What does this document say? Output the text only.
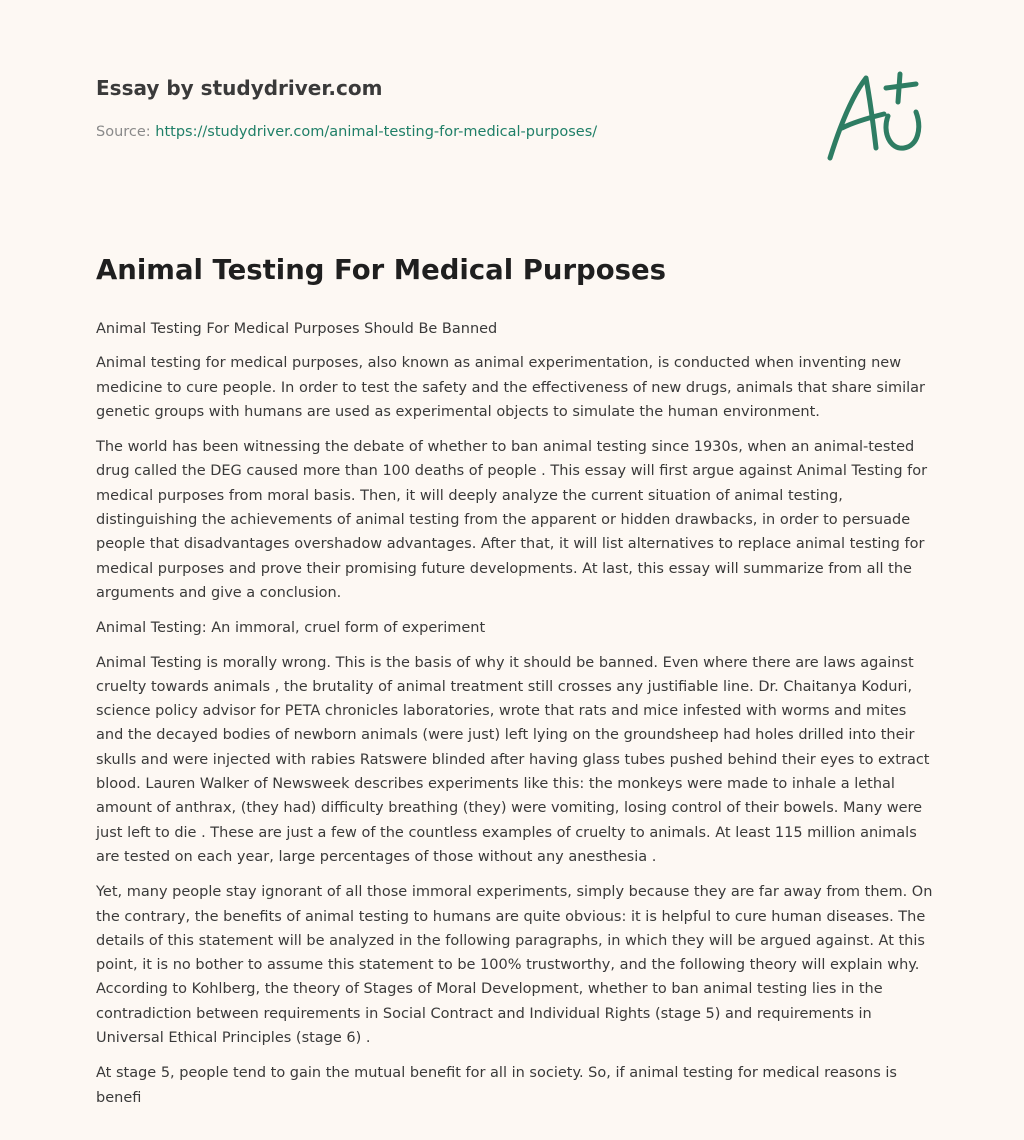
Essay by studydriver.com
Source: https://studydriver.com/animal-testing-for-medical-purposes/
Animal Testing For Medical Purposes

Animal Testing For Medical Purposes Should Be Banned

Animal testing for medical purposes, also known as animal experimentation, is conducted when inventing new medicine to cure people. In order to test the safety and the effectiveness of new drugs, animals that share similar genetic groups with humans are used as experimental objects to simulate the human environment.

The world has been witnessing the debate of whether to ban animal testing since 1930s, when an animal-tested drug called the DEG caused more than 100 deaths of people . This essay will first argue against Animal Testing for medical purposes from moral basis. Then, it will deeply analyze the current situation of animal testing, distinguishing the achievements of animal testing from the apparent or hidden drawbacks, in order to persuade people that disadvantages overshadow advantages. After that, it will list alternatives to replace animal testing for medical purposes and prove their promising future developments. At last, this essay will summarize from all the arguments and give a conclusion.

Animal Testing: An immoral, cruel form of experiment

Animal Testing is morally wrong. This is the basis of why it should be banned. Even where there are laws against cruelty towards animals , the brutality of animal treatment still crosses any justifiable line. Dr. Chaitanya Koduri, science policy advisor for PETA chronicles laboratories, wrote that rats and mice infested with worms and mites and the decayed bodies of newborn animals (were just) left lying on the groundsheep had holes drilled into their skulls and were injected with rabies Ratswere blinded after having glass tubes pushed behind their eyes to extract blood. Lauren Walker of Newsweek describes experiments like this: the monkeys were made to inhale a lethal amount of anthrax, (they had) difficulty breathing (they) were vomiting, losing control of their bowels. Many were just left to die . These are just a few of the countless examples of cruelty to animals. At least 115 million animals are tested on each year, large percentages of those without any anesthesia .

Yet, many people stay ignorant of all those immoral experiments, simply because they are far away from them. On the contrary, the benefits of animal testing to humans are quite obvious: it is helpful to cure human diseases. The details of this statement will be analyzed in the following paragraphs, in which they will be argued against. At this point, it is no bother to assume this statement to be 100% trustworthy, and the following theory will explain why. According to Kohlberg, the theory of Stages of Moral Development, whether to ban animal testing lies in the contradiction between requirements in Social Contract and Individual Rights (stage 5) and requirements in Universal Ethical Principles (stage 6) .

At stage 5, people tend to gain the mutual benefit for all in society. So, if animal testing for medical reasons is benefi
